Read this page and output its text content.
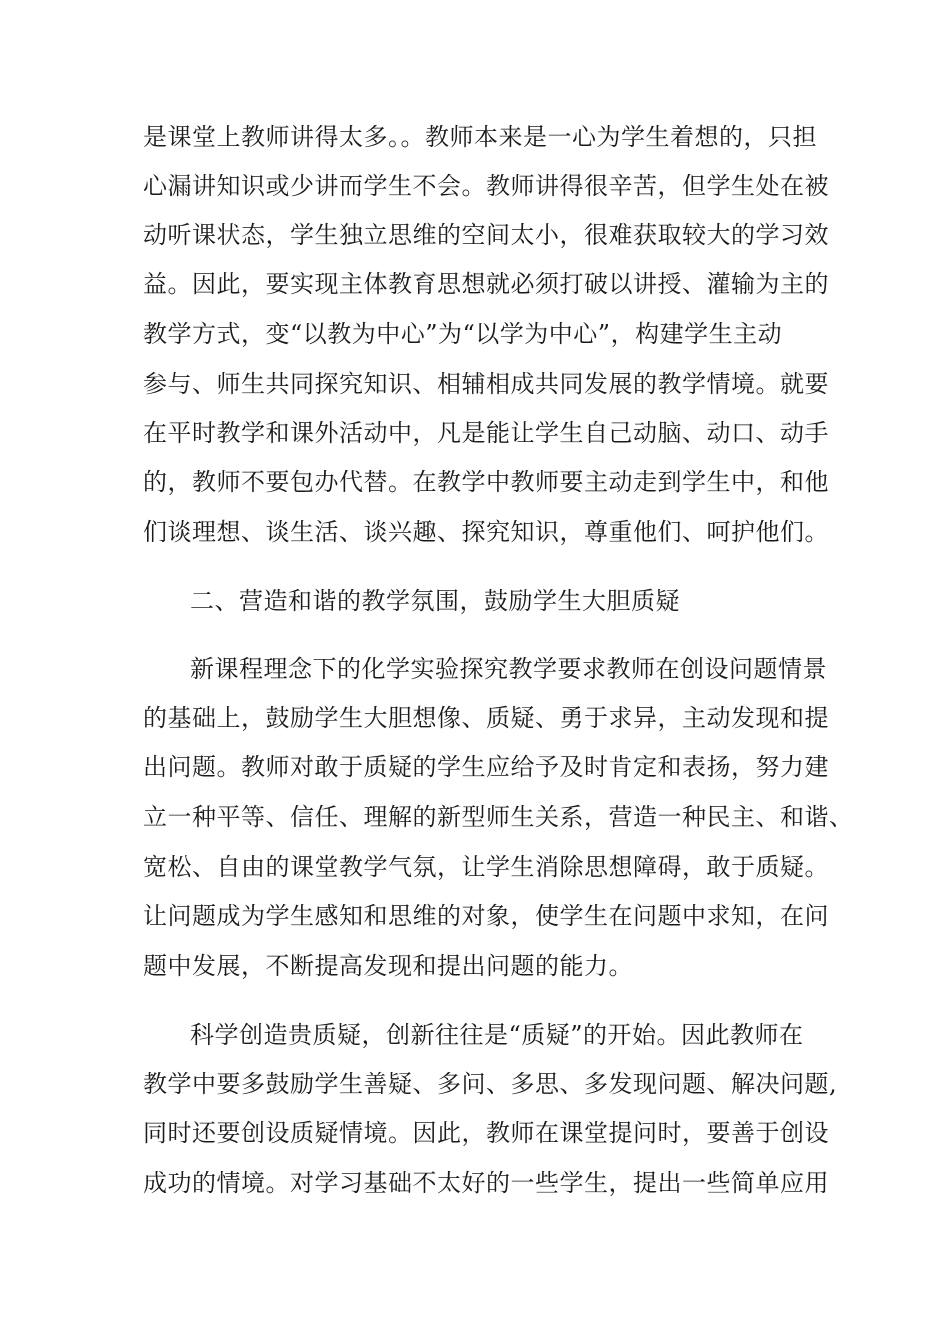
是课堂上教师讲得太多。。教师本来是一心为学生着想的，只担
心漏讲知识或少讲而学生不会。教师讲得很辛苦，但学生处在被
动听课状态，学生独立思维的空间太小，很难获取较大的学习效
益。因此，要实现主体教育思想就必须打破以讲授、灌输为主的
教学方式，变“以教为中心”为“以学为中心”，构建学生主动
参与、师生共同探究知识、相辅相成共同发展的教学情境。就要
在平时教学和课外活动中，凡是能让学生自己动脑、动口、动手
的，教师不要包办代替。在教学中教师要主动走到学生中，和他
们谈理想、谈生活、谈兴趣、探究知识，尊重他们、呵护他们。
二、营造和谐的教学氛围，鼓励学生大胆质疑
新课程理念下的化学实验探究教学要求教师在创设问题情景
的基础上，鼓励学生大胆想像、质疑、勇于求异，主动发现和提
出问题。教师对敢于质疑的学生应给予及时肯定和表扬，努力建
立一种平等、信任、理解的新型师生关系，营造一种民主、和谐、
宽松、自由的课堂教学气氛，让学生消除思想障碍，敢于质疑。
让问题成为学生感知和思维的对象，使学生在问题中求知，在问
题中发展，不断提高发现和提出问题的能力。
科学创造贵质疑，创新往往是“质疑”的开始。因此教师在
教学中要多鼓励学生善疑、多问、多思、多发现问题、解决问题,
同时还要创设质疑情境。因此，教师在课堂提问时，要善于创设
成功的情境。对学习基础不太好的一些学生，提出一些简单应用
